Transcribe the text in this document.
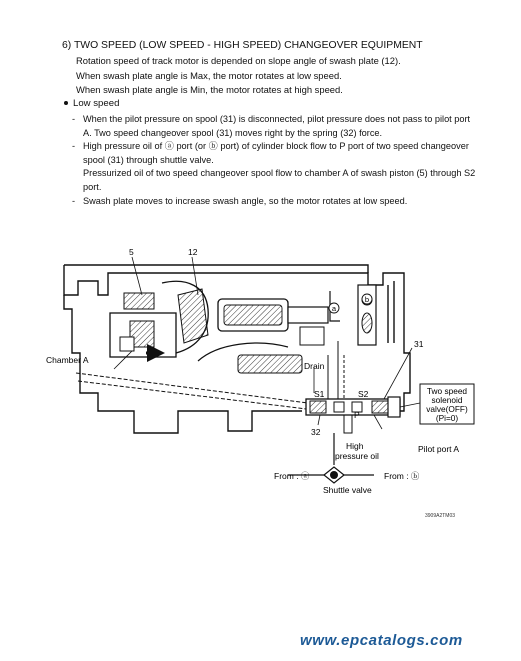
6) TWO SPEED (LOW SPEED - HIGH SPEED) CHANGEOVER EQUIPMENT
Rotation speed of track motor is depended on slope angle of swash plate (12).
When swash plate angle is Max, the motor rotates at low speed.
When swash plate angle is Min, the motor rotates at high speed.
Low speed
- When the pilot pressure on spool (31) is disconnected, pilot pressure does not pass to pilot port
A. Two speed changeover spool (31) moves right by the spring (32) force.
- High pressure oil of ⓐ port (or ⓑ port) of cylinder block flow to P port of two speed changeover
spool (31) through shuttle valve.
Pressurized oil of two speed changeover spool flow to chamber A of swash piston (5) through S2
port.
- Swash plate moves to increase swash angle, so the motor rotates at low speed.
5	12
31
32
Chamber A
Drain
S1	S2
P
High
pressure oil
From : ⓐ	From : ⓑ
Shuttle valve
Pilot port A
Two speed
solenoid
valve(OFF)
(Pi=0)
a
b
3909A2TM03
www.epcatalogs.com
